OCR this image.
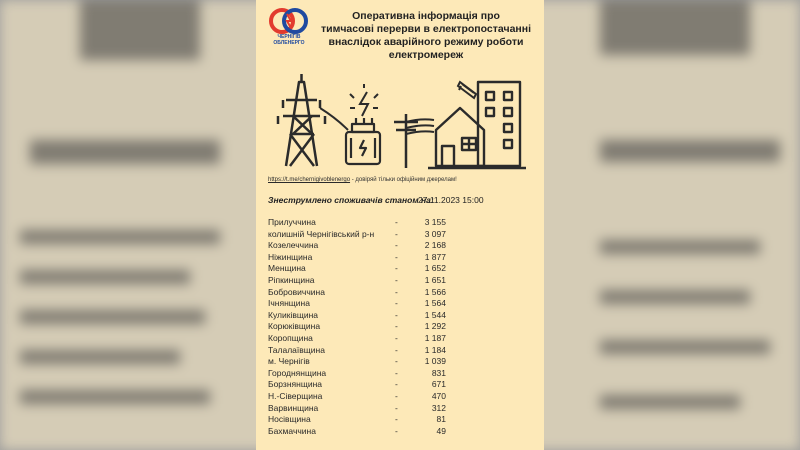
ЧЕРНІГІВ
ОБЛЕНЕРГО
Оперативна інформація про
тимчасові перерви в електропостачанні
внаслідок аварійного режиму роботи
електромереж
https://t.me/chernigivoblenergo - довіряй тільки офіційним джерелам!
Знеструмлено споживачів станом на:
27.11.2023 15:00
Прилуччина	-	3 155
колишній Чернігівський р-н -	3 097
Козелеччина	-	2 168
Ніжинщина	-	1 877
Менщина	-	1 652
Ріпкинщина	-	1 651
Бобровиччина	-	1 566
Ічнянщина	-	1 564
Куликівщина	-	1 544
Корюківщина	-	1 292
Коропщина	-	1 187
Талалаївщина	-	1 184
м. Чернігів	-	1 039
Городнянщина	-	831
Борзнянщина	-	671
Н.-Сіверщина	-	470
Варвинщина	-	312
Носівщина	-	81
Бахмаччина	-	49
